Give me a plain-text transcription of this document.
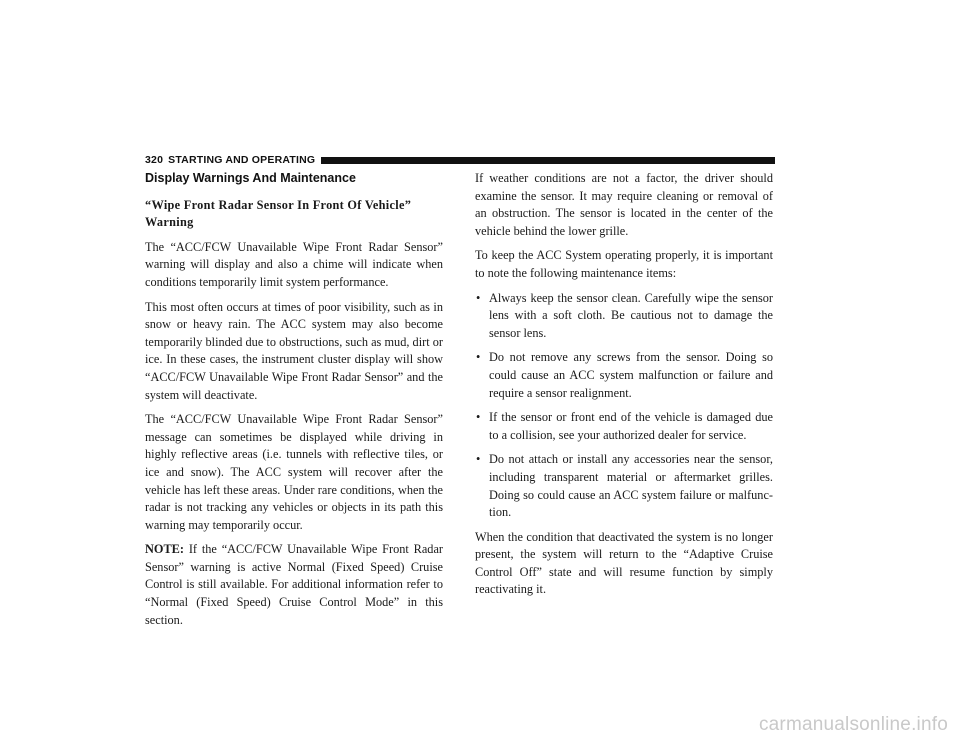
320 STARTING AND OPERATING
Display Warnings And Maintenance
“Wipe Front Radar Sensor In Front Of Vehicle” Warning

The “ACC/FCW Unavailable Wipe Front Radar Sensor” warning will display and also a chime will indicate when conditions temporarily limit system performance.

This most often occurs at times of poor visibility, such as in snow or heavy rain. The ACC system may also become temporarily blinded due to obstructions, such as mud, dirt or ice. In these cases, the instrument cluster display will show “ACC/FCW Unavailable Wipe Front Radar Sensor” and the system will deactivate.

The “ACC/FCW Unavailable Wipe Front Radar Sensor” message can sometimes be displayed while driving in highly reflective areas (i.e. tunnels with reflective tiles, or ice and snow). The ACC system will recover after the vehicle has left these areas. Under rare conditions, when the radar is not tracking any vehicles or objects in its path this warning may temporarily occur.

NOTE: If the “ACC/FCW Unavailable Wipe Front Radar Sensor” warning is active Normal (Fixed Speed) Cruise Control is still available. For additional information refer to “Normal (Fixed Speed) Cruise Control Mode” in this section.

If weather conditions are not a factor, the driver should examine the sensor. It may require cleaning or removal of an obstruction. The sensor is located in the center of the vehicle behind the lower grille.

To keep the ACC System operating properly, it is important to note the following maintenance items:

• Always keep the sensor clean. Carefully wipe the sensor lens with a soft cloth. Be cautious not to damage the sensor lens.
• Do not remove any screws from the sensor. Doing so could cause an ACC system malfunction or failure and require a sensor realignment.
• If the sensor or front end of the vehicle is damaged due to a collision, see your authorized dealer for service.
• Do not attach or install any accessories near the sensor, including transparent material or aftermarket grilles. Doing so could cause an ACC system failure or malfunc-tion.

When the condition that deactivated the system is no longer present, the system will return to the “Adaptive Cruise Control Off” state and will resume function by simply reactivating it.

carmanualsonline.info
